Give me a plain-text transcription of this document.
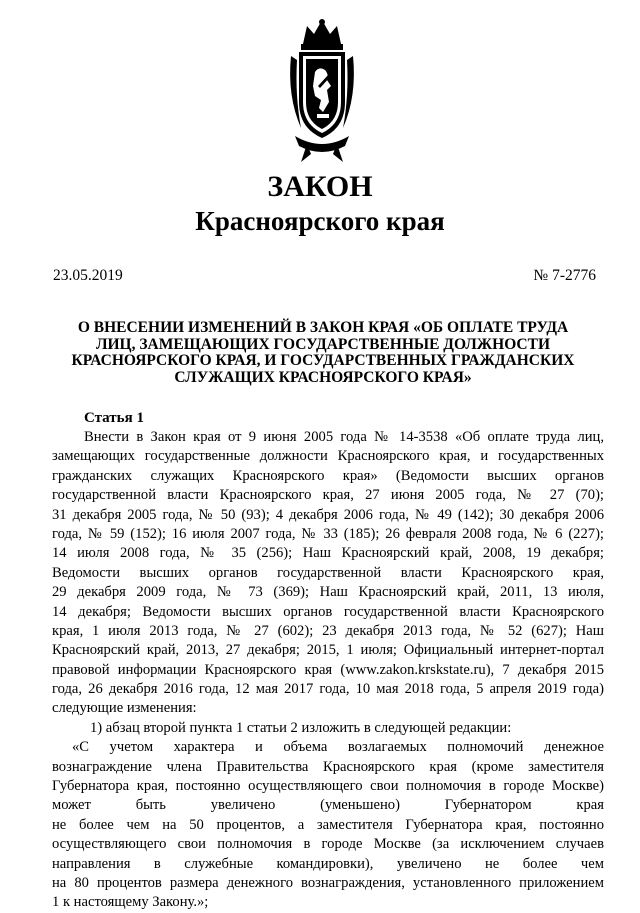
ЗАКОН
Красноярского края
23.05.2019	№ 7-2776
О ВНЕСЕНИИ ИЗМЕНЕНИЙ В ЗАКОН КРАЯ «ОБ ОПЛАТЕ ТРУДА
ЛИЦ, ЗАМЕЩАЮЩИХ ГОСУДАРСТВЕННЫЕ ДОЛЖНОСТИ
КРАСНОЯРСКОГО КРАЯ, И ГОСУДАРСТВЕННЫХ ГРАЖДАНСКИХ
СЛУЖАЩИХ КРАСНОЯРСКОГО КРАЯ»
Статья 1
Внести в Закон края от 9 июня 2005 года № 14-3538 «Об оплате труда лиц,
замещающих государственные должности Красноярского края, и государственных
гражданских служащих Красноярского края» (Ведомости высших органов
государственной власти Красноярского края, 27 июня 2005 года, № 27 (70);
31 декабря 2005 года, № 50 (93); 4 декабря 2006 года, № 49 (142); 30 декабря 2006
года, № 59 (152); 16 июля 2007 года, № 33 (185); 26 февраля 2008 года, № 6 (227);
14 июля 2008 года, № 35 (256); Наш Красноярский край, 2008, 19 декабря;
Ведомости высших органов государственной власти Красноярского края,
29 декабря 2009 года, № 73 (369); Наш Красноярский край, 2011, 13 июля,
14 декабря; Ведомости высших органов государственной власти Красноярского
края, 1 июля 2013 года, № 27 (602); 23 декабря 2013 года, № 52 (627); Наш
Красноярский край, 2013, 27 декабря; 2015, 1 июля; Официальный интернет-портал
правовой информации Красноярского края (www.zakon.krskstate.ru), 7 декабря 2015
года, 26 декабря 2016 года, 12 мая 2017 года, 10 мая 2018 года, 5 апреля 2019 года)
следующие изменения:
1) абзац второй пункта 1 статьи 2 изложить в следующей редакции:
«С учетом характера и объема возлагаемых полномочий денежное
вознаграждение члена Правительства Красноярского края (кроме заместителя
Губернатора края, постоянно осуществляющего свои полномочия в городе Москве)
может быть увеличено (уменьшено) Губернатором края
не более чем на 50 процентов, а заместителя Губернатора края, постоянно
осуществляющего свои полномочия в городе Москве (за исключением случаев
направления в служебные командировки), увеличено не более чем
на 80 процентов размера денежного вознаграждения, установленного приложением
1 к настоящему Закону.»;
